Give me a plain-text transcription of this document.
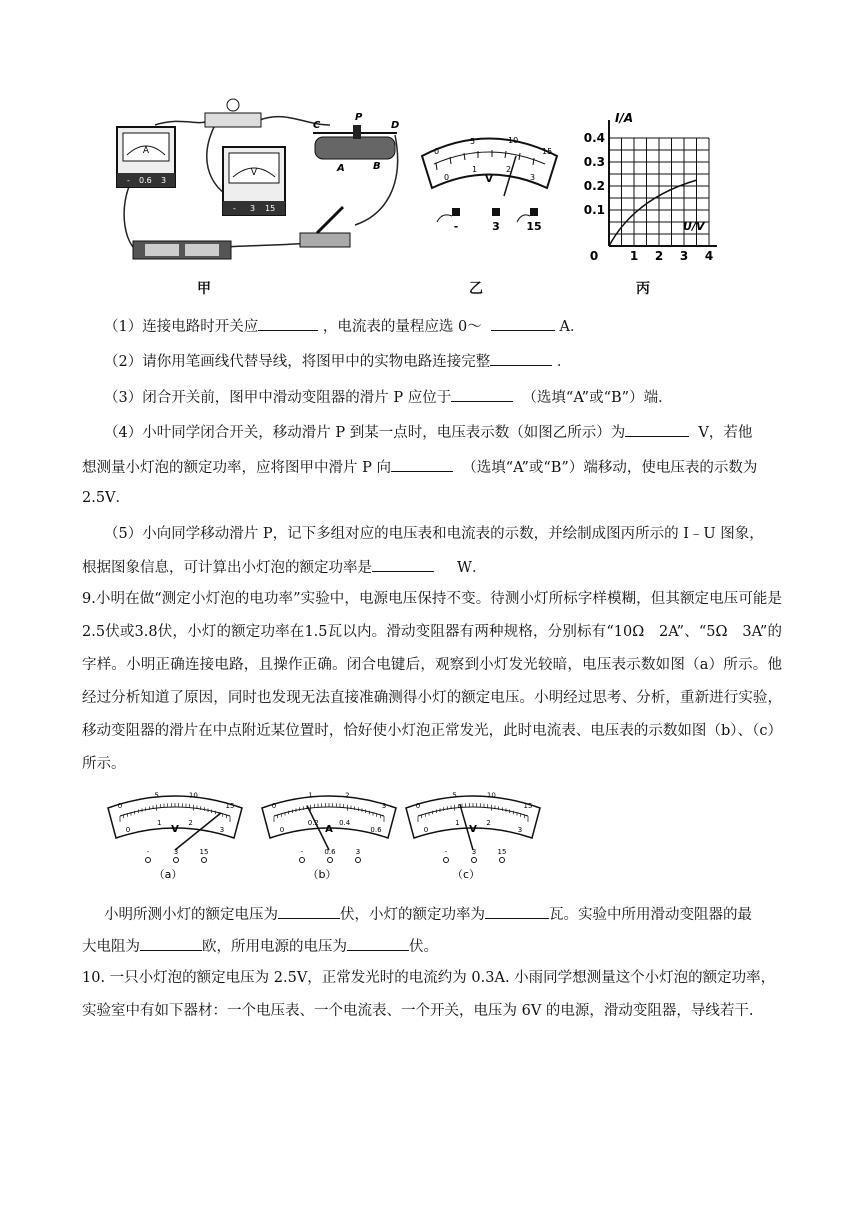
A
- 0.6 3
V
- 3 15
C
P
D
A	B
甲
0
5	10
15
0
1	2
3
V
-	3 15
乙
I/A
U/V
0.4
0.3
0.2
0.1
0	1 2 3 4
丙
（1）连接电路时开关应	，电流表的量程应选 0～	A．
（2）请你用笔画线代替导线，将图甲中的实物电路连接完整	．
（3）闭合开关前，图甲中滑动变阻器的滑片 P 应位于	（选填“A”或“B”）端．
（4）小叶同学闭合开关，移动滑片 P 到某一点时，电压表示数（如图乙所示）为	V，若他
想测量小灯泡的额定功率，应将图甲中滑片 P 向	（选填“A”或“B”）端移动，使电压表的示数为
2.5V．
（5）小向同学移动滑片 P，记下多组对应的电压表和电流表的示数，并绘制成图丙所示的 I﹣U 图象，
根据图象信息，可计算出小灯泡的额定功率是	W．
9.小明在做“测定小灯泡的电功率”实验中，电源电压保持不变。待测小灯所标字样模糊，但其额定电压可能是2.5伏或3.8伏，小灯的额定功率在1.5瓦以内。滑动变阻器有两种规格，分别标有“10Ω　2A”、“5Ω　3A”的字样。小明正确连接电路，且操作正确。闭合电键后，观察到小灯发光较暗，电压表示数如图（a）所示。他经过分析知道了原因，同时也发现无法直接准确测得小灯的额定电压。小明经过思考、分析，重新进行实验，移动变阻器的滑片在中点附近某位置时，恰好使小灯泡正常发光，此时电流表、电压表的示数如图（b）、（c）所示。
0
5	10
15
0
1	2
3
V
-	3	15
（a）
0
1	2
3
0
0.2	0.4
0.6
A
-	0.6	3
（b）
0
5	10
15
0
1	2
3
V
-	3	15
（c）
小明所测小灯的额定电压为	伏，小灯的额定功率为	瓦。实验中所用滑动变阻器的最
大电阻为	欧，所用电源的电压为	伏。
10. 一只小灯泡的额定电压为 2.5V，正常发光时的电流约为 0.3A. 小雨同学想测量这个小灯泡的额定功率，
实验室中有如下器材：一个电压表、一个电流表、一个开关，电压为 6V 的电源，滑动变阻器，导线若干.
